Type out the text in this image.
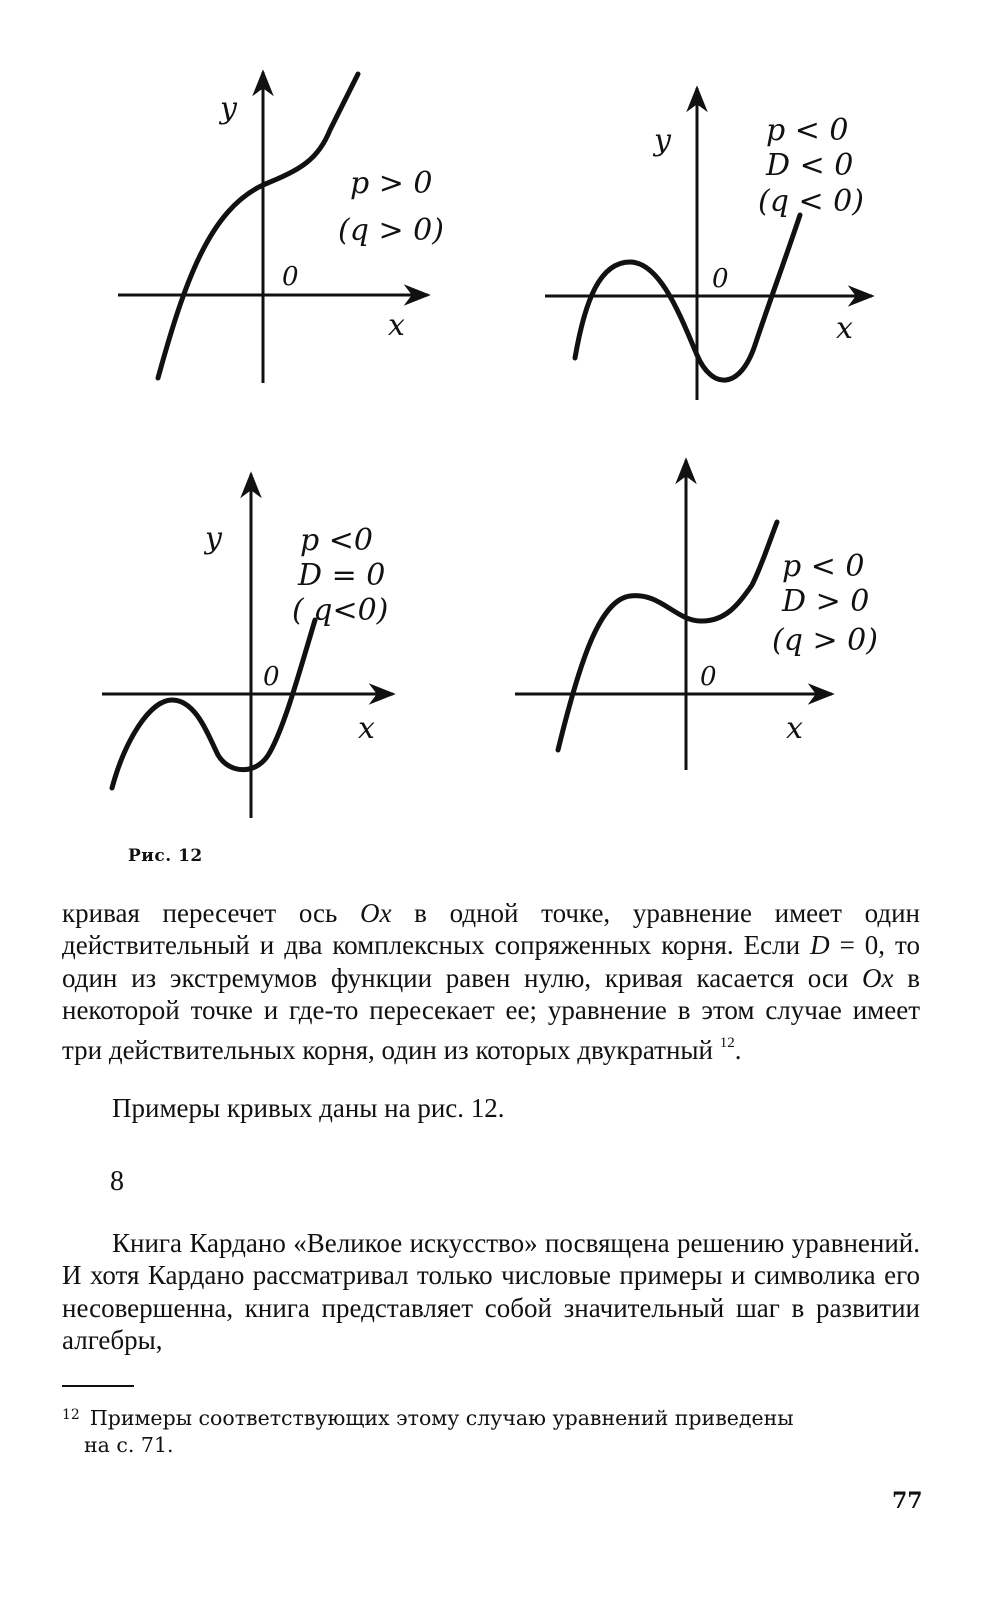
y
x
0
p > 0
(q > 0)
y
x
0
p < 0
D < 0
(q < 0)
y
x
0
p <0
D = 0
( q<0)
x
0
p < 0
D > 0
(q > 0)
Рис. 12

кривая пересечет ось Ox в одной точке, уравнение имеет один действительный и два комплексных сопряженных корня. Если D = 0, то один из экстремумов функции равен нулю, кривая касается оси Ox в некоторой точке и где-то пересекает ее; уравнение в этом случае имеет три действительных корня, один из которых двукратный $^{12}$.

Примеры кривых даны на рис. 12.

8

Книга Кардано «Великое искусство» посвящена решению уравнений. И хотя Кардано рассматривал только числовые примеры и символика его несовершенна, книга представляет собой значительный шаг в развитии алгебры,

$^{12}$ Примеры соответствующих этому случаю уравнений приведены
на с. 71.

77
